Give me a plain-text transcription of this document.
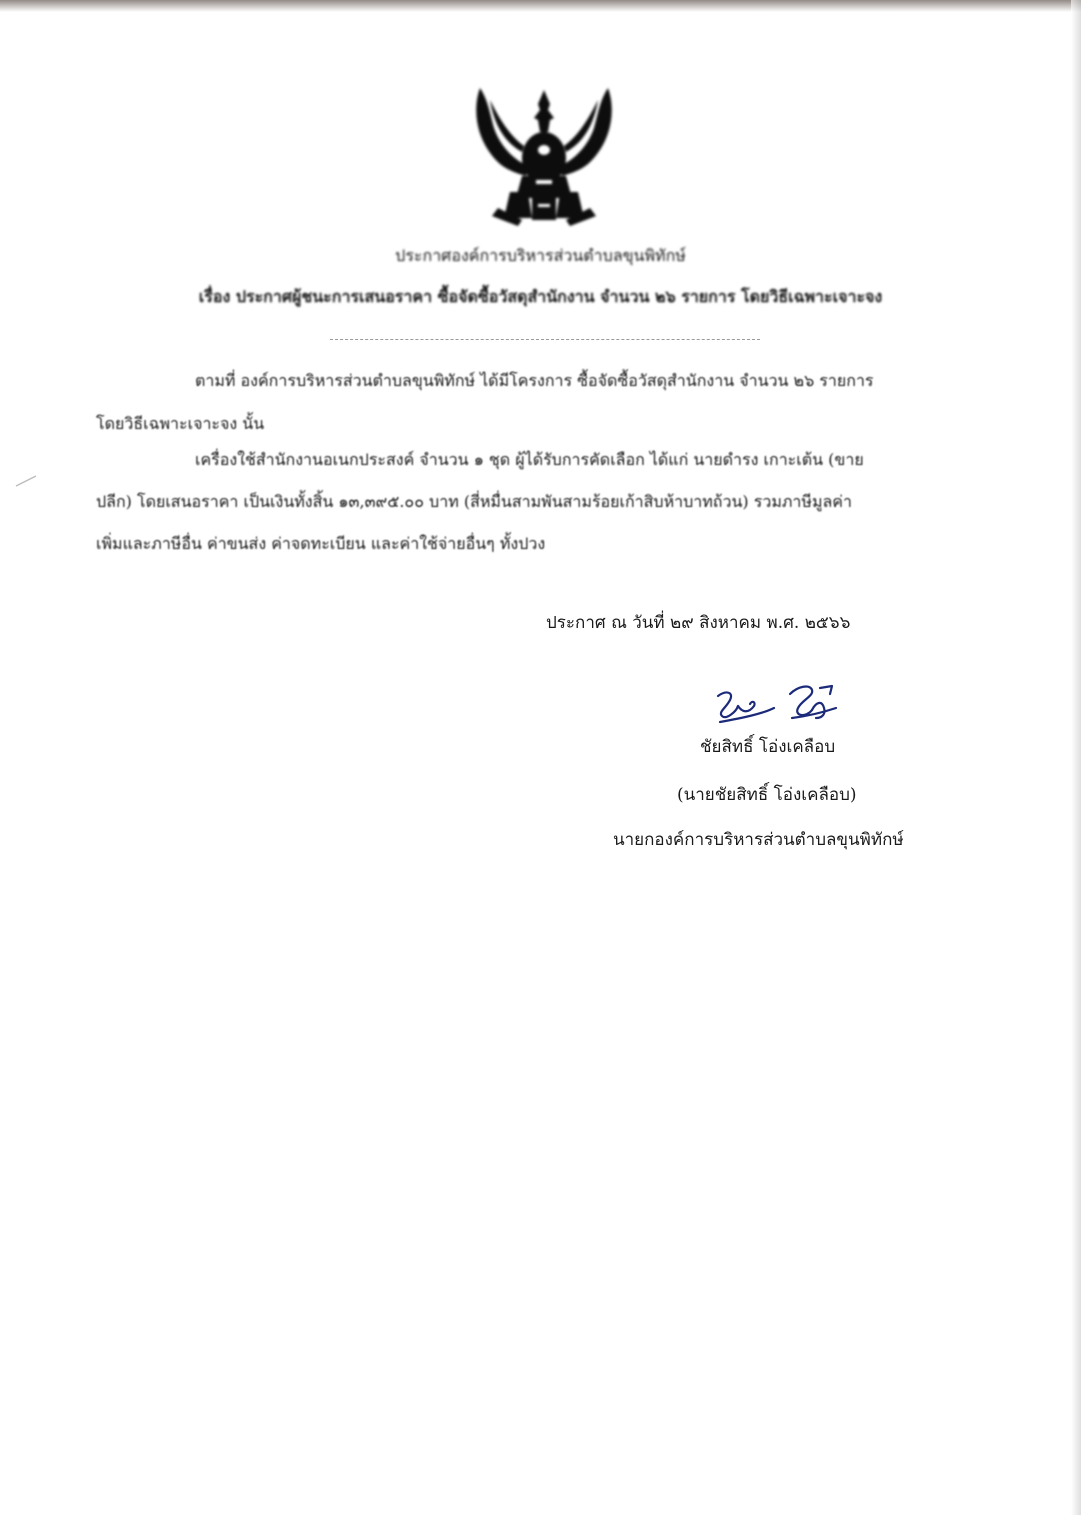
ประกาศองค์การบริหารส่วนตำบลขุนพิทักษ์
เรื่อง ประกาศผู้ชนะการเสนอราคา ซื้อจัดซื้อวัสดุสำนักงาน จำนวน ๒๖ รายการ โดยวิธีเฉพาะเจาะจง
ตามที่ องค์การบริหารส่วนตำบลขุนพิทักษ์ ได้มีโครงการ ซื้อจัดซื้อวัสดุสำนักงาน จำนวน ๒๖ รายการ
โดยวิธีเฉพาะเจาะจง นั้น
เครื่องใช้สำนักงานอเนกประสงค์ จำนวน ๑ ชุด ผู้ได้รับการคัดเลือก ได้แก่ นายดำรง เกาะเต้น (ขาย
ปลีก) โดยเสนอราคา เป็นเงินทั้งสิ้น ๑๓,๓๙๕.๐๐ บาท (สี่หมื่นสามพันสามร้อยเก้าสิบห้าบาทถ้วน) รวมภาษีมูลค่า
เพิ่มและภาษีอื่น ค่าขนส่ง ค่าจดทะเบียน และค่าใช้จ่ายอื่นๆ ทั้งปวง
ประกาศ ณ วันที่ ๒๙ สิงหาคม พ.ศ. ๒๕๖๖
ชัยสิทธิ์ โอ่งเคลือบ
(นายชัยสิทธิ์ โอ่งเคลือบ)
นายกองค์การบริหารส่วนตำบลขุนพิทักษ์
